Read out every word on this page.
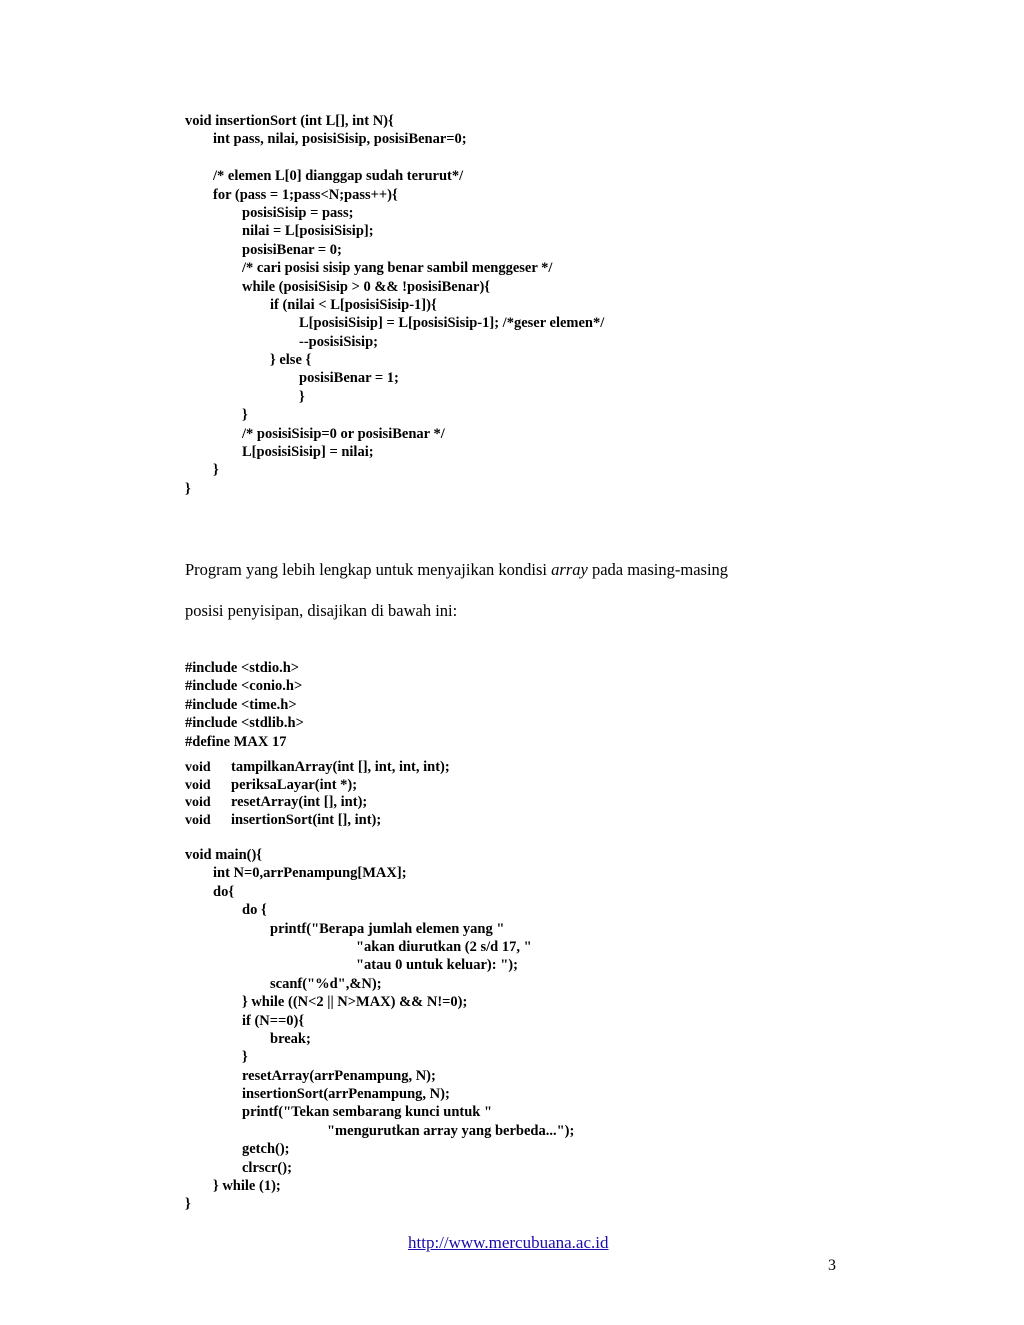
void insertionSort (int L[], int N){
int pass, nilai, posisiSisip, posisiBenar=0;
/* elemen L[0] dianggap sudah terurut*/
for (pass = 1;pass<N;pass++){
posisiSisip = pass;
nilai = L[posisiSisip];
posisiBenar = 0;
/* cari posisi sisip yang benar sambil menggeser */
while (posisiSisip > 0 && !posisiBenar){
if (nilai < L[posisiSisip-1]){
L[posisiSisip] = L[posisiSisip-1]; /*geser elemen*/
--posisiSisip;
} else {
posisiBenar = 1;
}
}
/* posisiSisip=0 or posisiBenar */
L[posisiSisip] = nilai;
}
}
Program yang lebih lengkap untuk menyajikan kondisi array pada masing-masing
posisi penyisipan, disajikan di bawah ini:
#include <stdio.h>
#include <conio.h>
#include <time.h>
#include <stdlib.h>
#define MAX 17
void tampilkanArray(int [], int, int, int);
void periksaLayar(int *);
void resetArray(int [], int);
void insertionSort(int [], int);
void main(){
int N=0,arrPenampung[MAX];
do{
do {
printf("Berapa jumlah elemen yang "
"akan diurutkan (2 s/d 17, "
"atau 0 untuk keluar): ");
scanf("%d",&N);
} while ((N<2 || N>MAX) && N!=0);
if (N==0){
break;
}
resetArray(arrPenampung, N);
insertionSort(arrPenampung, N);
printf("Tekan sembarang kunci untuk "
"mengurutkan array yang berbeda...");
getch();
clrscr();
} while (1);
}
http://www.mercubuana.ac.id
3
